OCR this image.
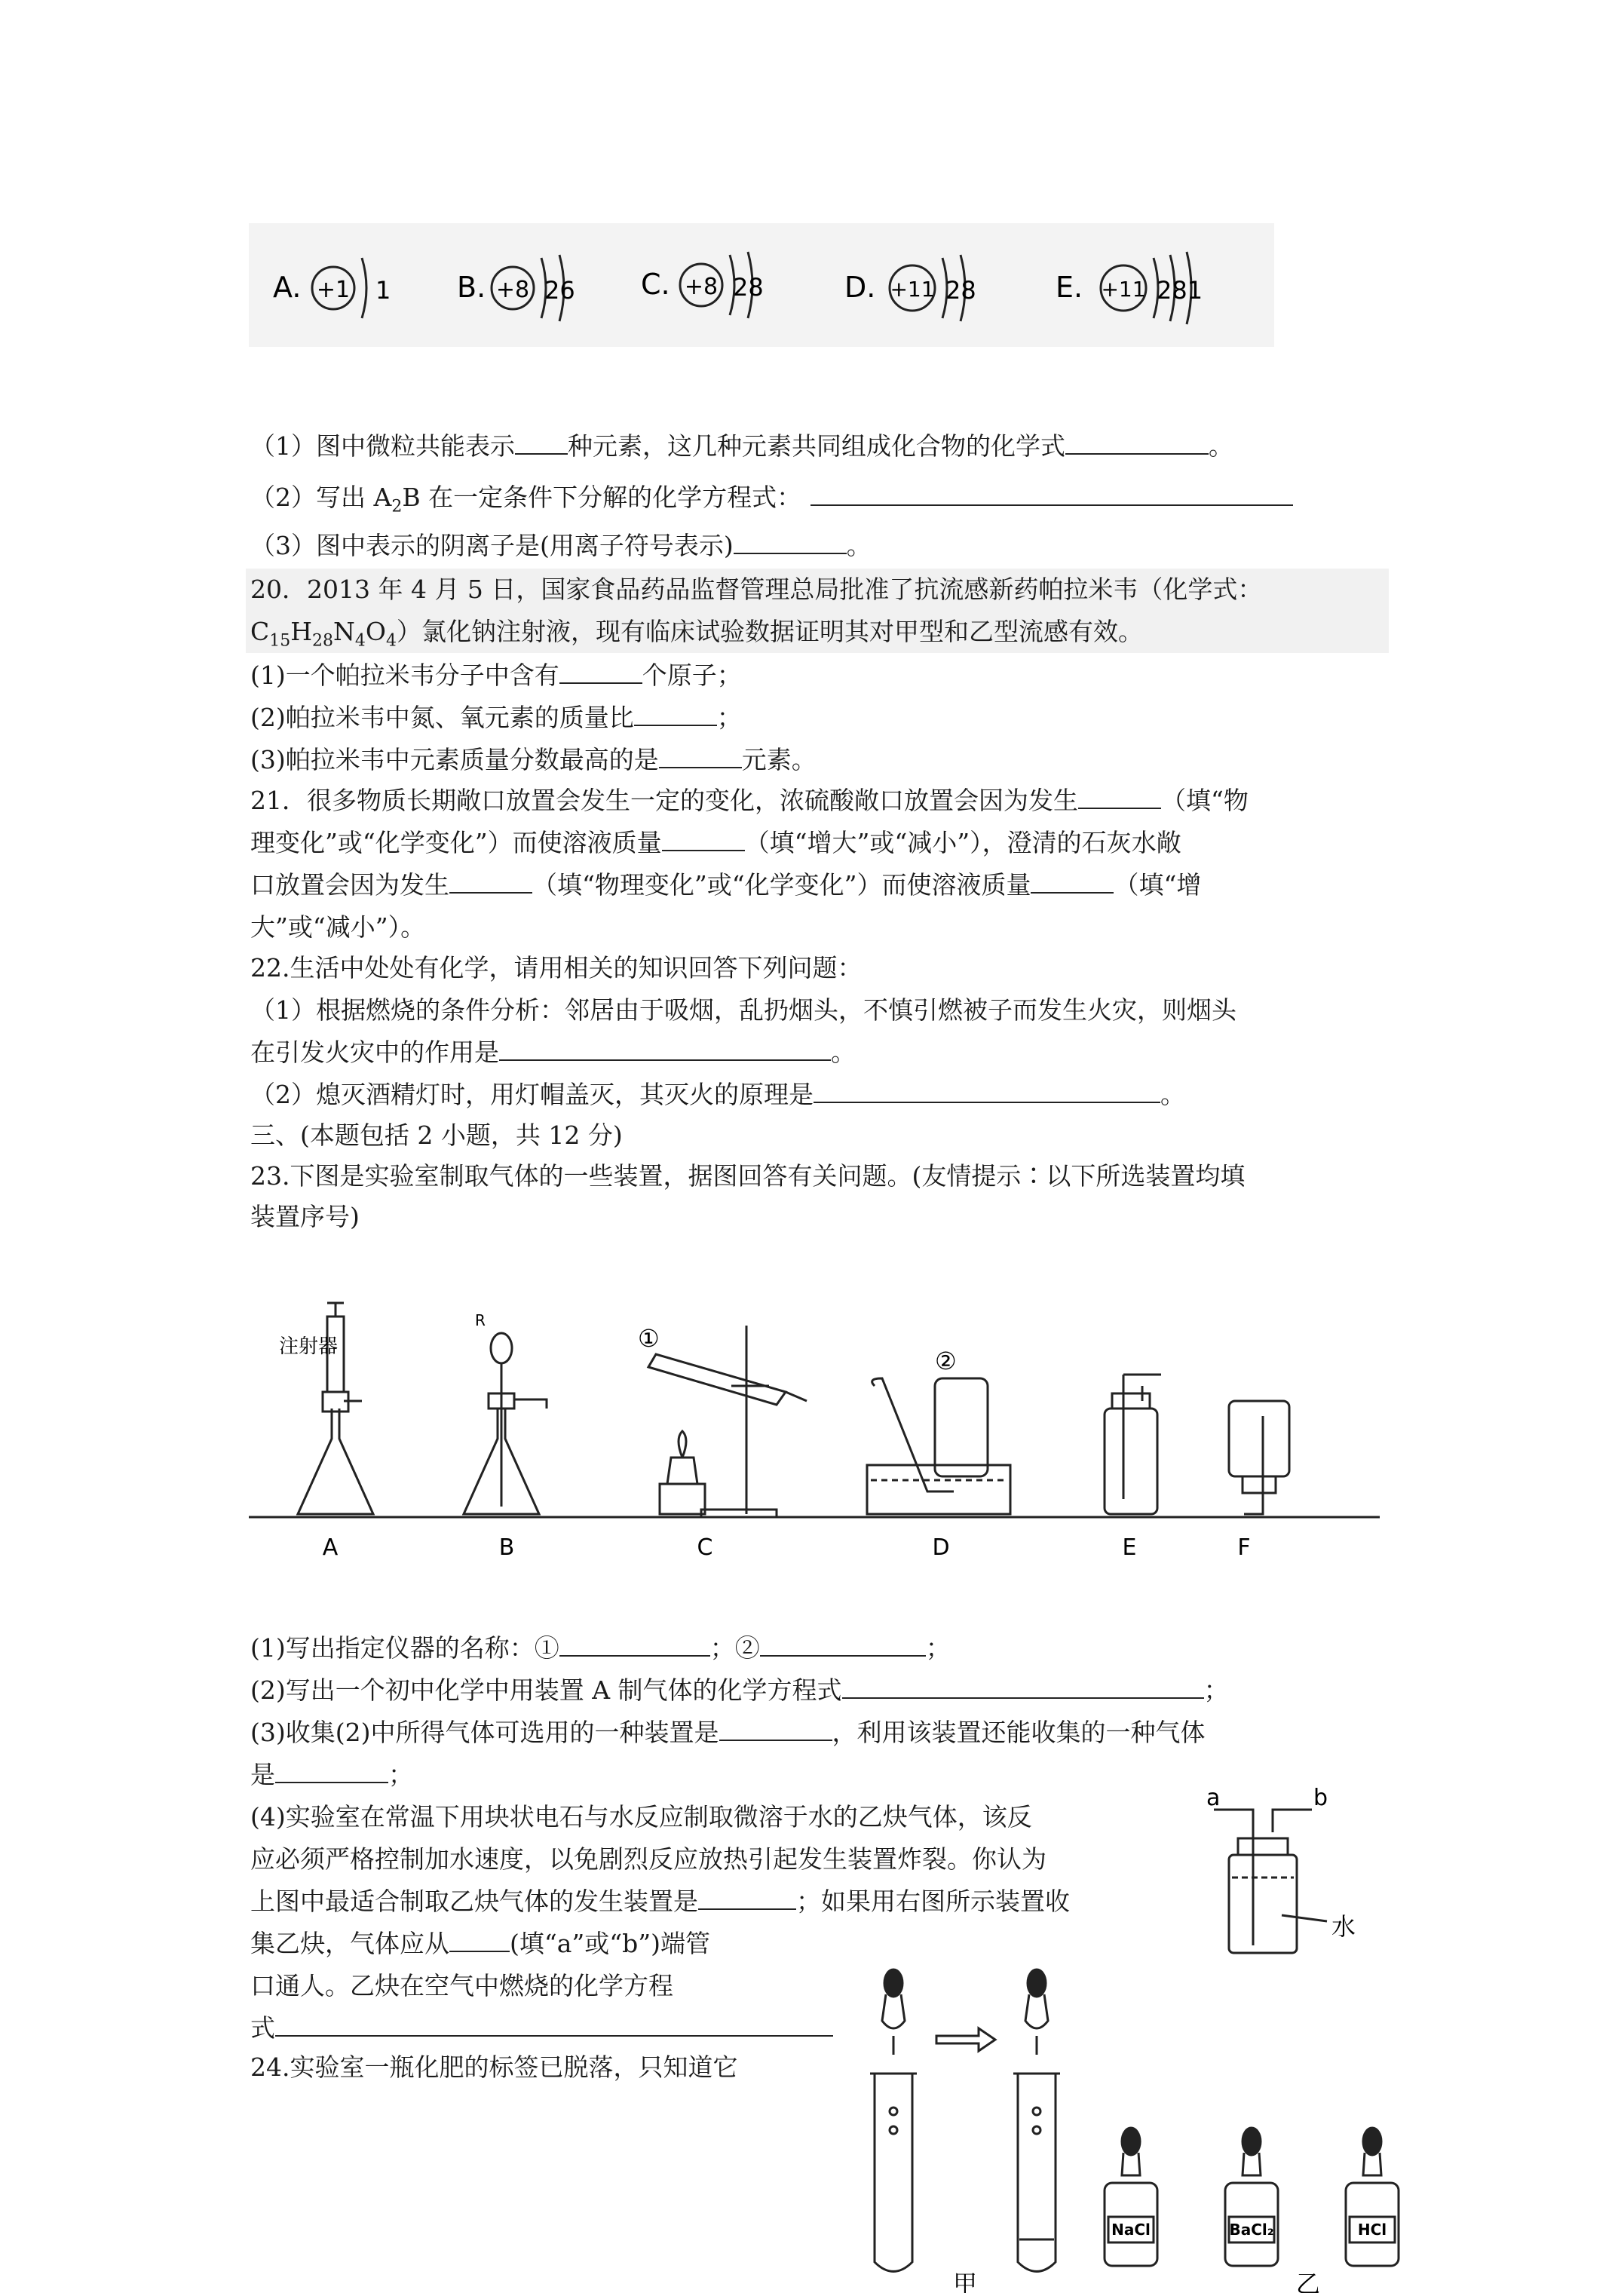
A. +1 1 B. +8 26 C. +8 28	D. +11 28	E. +11 281
（1）图中微粒共能表示 种元素，这几种元素共同组成化合物的化学式	。
（2）写出 $A_2B$ 在一定条件下分解的化学方程式：
（3）图中表示的阴离子是(用离子符号表示)	。
20．2013 年 4 月 5 日，国家食品药品监督管理总局批准了抗流感新药帕拉米韦（化学式：
$C_{15}H_{28}N_4O_4$）氯化钠注射液，现有临床试验数据证明其对甲型和乙型流感有效。
(1)一个帕拉米韦分子中含有	个原子；
(2)帕拉米韦中氮、氧元素的质量比	；
(3)帕拉米韦中元素质量分数最高的是	元素。
21．很多物质长期敞口放置会发生一定的变化，浓硫酸敞口放置会因为发生	（填“物
理变化”或“化学变化”）而使溶液质量	（填“增大”或“减小”），澄清的石灰水敞
口放置会因为发生	（填“物理变化”或“化学变化”）而使溶液质量	（填“增
大”或“减小”）。
22.生活中处处有化学，请用相关的知识回答下列问题：
（1）根据燃烧的条件分析：邻居由于吸烟，乱扔烟头，不慎引燃被子而发生火灾，则烟头
在引发火灾中的作用是	。
（2）熄灭酒精灯时，用灯帽盖灭，其灭火的原理是	。
三、(本题包括 2 小题，共 12 分)
23.下图是实验室制取气体的一些装置，据图回答有关问题。(友情提示∶以下所选装置均填
装置序号)
注射器
R
①
②
A	B	C	D	E	F
(1)写出指定仪器的名称：①	；②	；
(2)写出一个初中化学中用装置 A 制气体的化学方程式	；
(3)收集(2)中所得气体可选用的一种装置是	，利用该装置还能收集的一种气体
是	；
(4)实验室在常温下用块状电石与水反应制取微溶于水的乙炔气体，该反
应必须严格控制加水速度，以免剧烈反应放热引起发生装置炸裂。你认为
上图中最适合制取乙炔气体的发生装置是	；如果用右图所示装置收
集乙炔，气体应从 (填“a”或“b”)端管
口通人。乙炔在空气中燃烧的化学方程
式
a	b
水
24.实验室一瓶化肥的标签已脱落，只知道它
NaCl	BaCl₂	HCl
甲	乙
